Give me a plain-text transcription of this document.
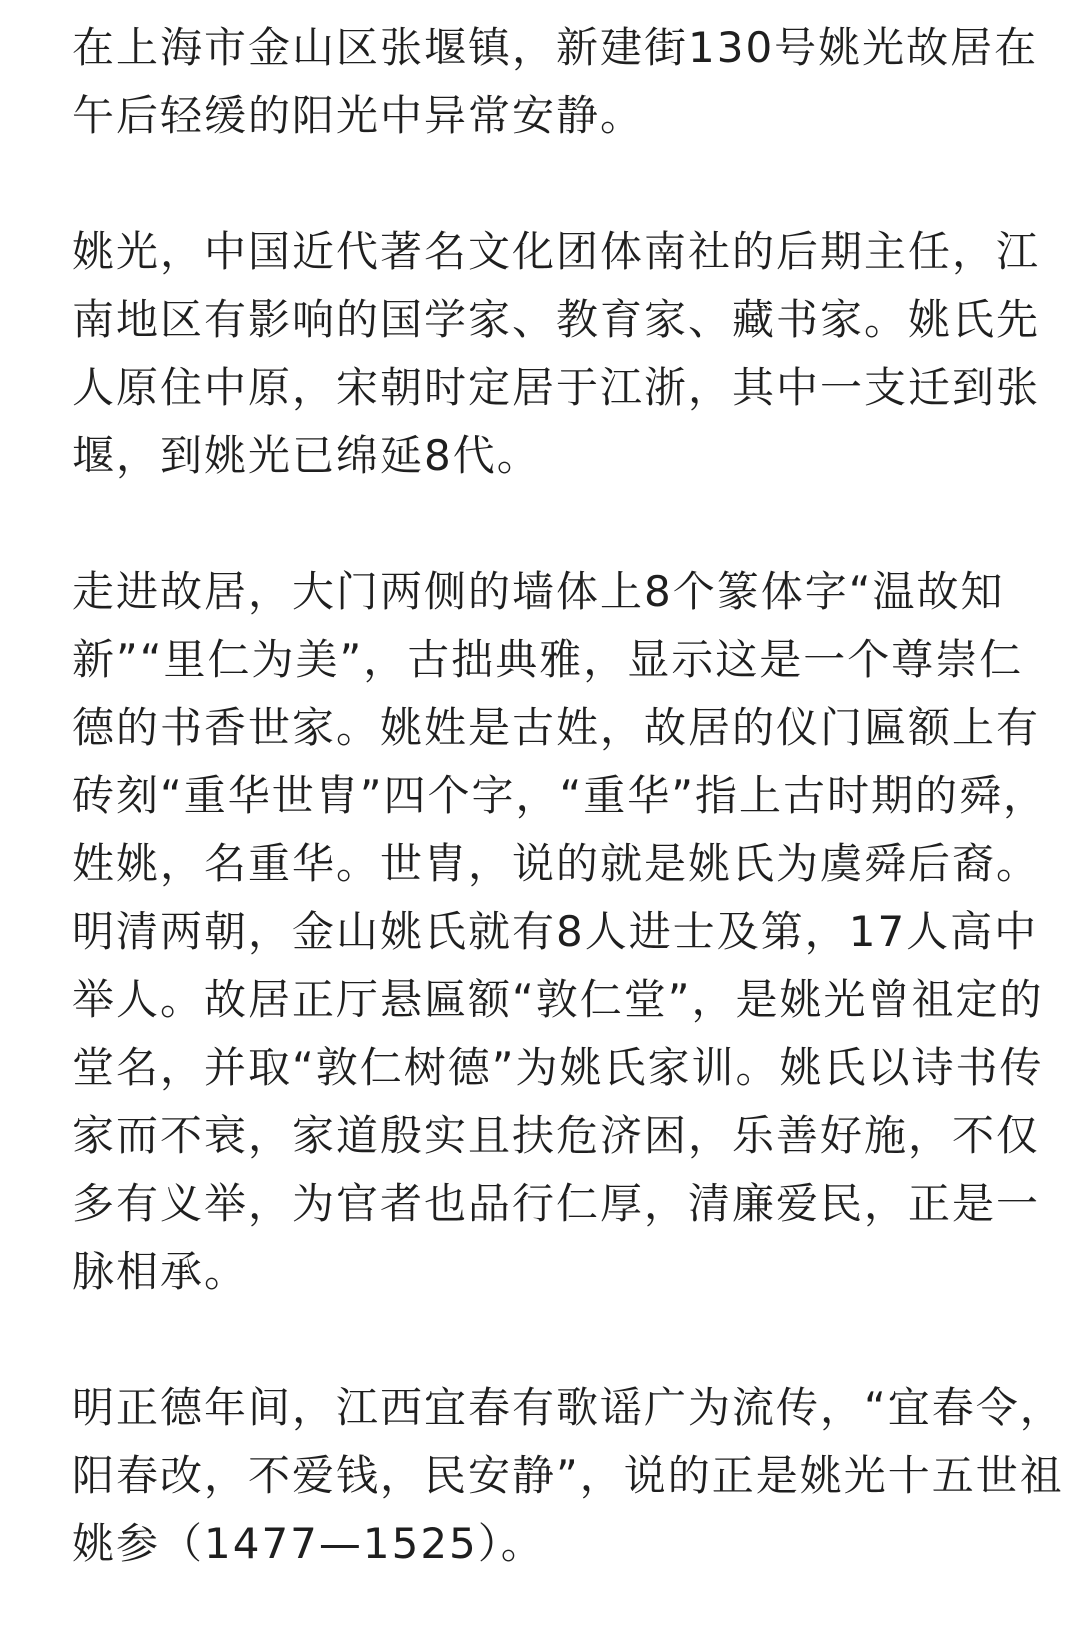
在上海市金山区张堰镇，新建街130号姚光故居在
午后轻缓的阳光中异常安静。
姚光，中国近代著名文化团体南社的后期主任，江
南地区有影响的国学家、教育家、藏书家。姚氏先
人原住中原，宋朝时定居于江浙，其中一支迁到张
堰，到姚光已绵延8代。
走进故居，大门两侧的墙体上8个篆体字“温故知
新”“里仁为美”，古拙典雅，显示这是一个尊崇仁
德的书香世家。姚姓是古姓，故居的仪门匾额上有
砖刻“重华世胄”四个字，“重华”指上古时期的舜，
姓姚，名重华。世胄，说的就是姚氏为虞舜后裔。
明清两朝，金山姚氏就有8人进士及第，17人高中
举人。故居正厅悬匾额“敦仁堂”，是姚光曾祖定的
堂名，并取“敦仁树德”为姚氏家训。姚氏以诗书传
家而不衰，家道殷实且扶危济困，乐善好施，不仅
多有义举，为官者也品行仁厚，清廉爱民，正是一
脉相承。
明正德年间，江西宜春有歌谣广为流传，“宜春令，
阳春改，不爱钱，民安静”，说的正是姚光十五世祖
姚参（1477—1525）。
